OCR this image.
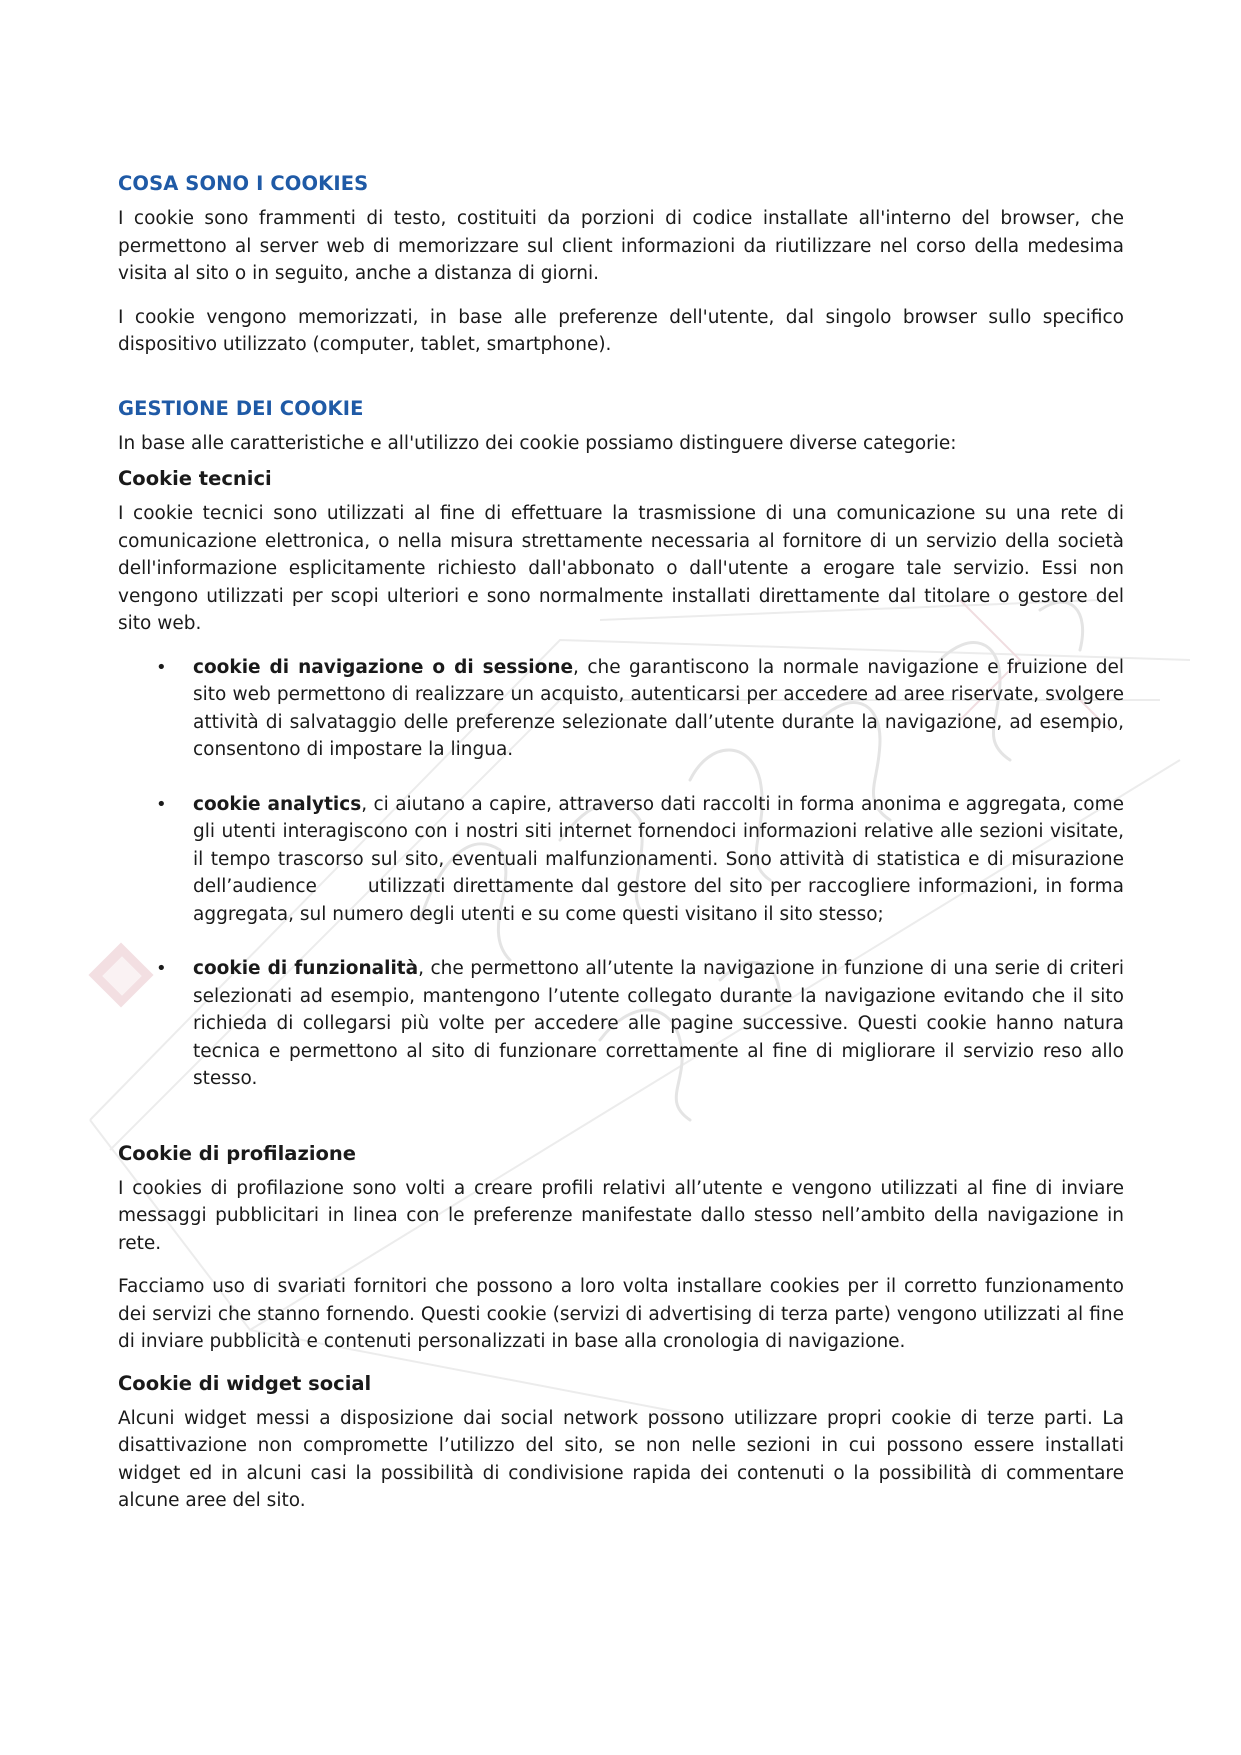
COSA SONO I COOKIES

I cookie sono frammenti di testo, costituiti da porzioni di codice installate all'interno del browser, che permettono al server web di memorizzare sul client informazioni da riutilizzare nel corso della medesima visita al sito o in seguito, anche a distanza di giorni.

I cookie vengono memorizzati, in base alle preferenze dell'utente, dal singolo browser sullo specifico dispositivo utilizzato (computer, tablet, smartphone).

GESTIONE DEI COOKIE

In base alle caratteristiche e all'utilizzo dei cookie possiamo distinguere diverse categorie:

Cookie tecnici

I cookie tecnici sono utilizzati al fine di effettuare la trasmissione di una comunicazione su una rete di comunicazione elettronica, o nella misura strettamente necessaria al fornitore di un servizio della società dell'informazione esplicitamente richiesto dall'abbonato o dall'utente a erogare tale servizio. Essi non vengono utilizzati per scopi ulteriori e sono normalmente installati direttamente dal titolare o gestore del sito web.

• cookie di navigazione o di sessione, che garantiscono la normale navigazione e fruizione del sito web permettono di realizzare un acquisto, autenticarsi per accedere ad aree riservate, svolgere attività di salvataggio delle preferenze selezionate dall’utente durante la navigazione, ad esempio, consentono di impostare la lingua.
• cookie analytics, ci aiutano a capire, attraverso dati raccolti in forma anonima e aggregata, come gli utenti interagiscono con i nostri siti internet fornendoci informazioni relative alle sezioni visitate, il tempo trascorso sul sito, eventuali malfunzionamenti. Sono attività di statistica e di misurazione dell’audience       utilizzati direttamente dal gestore del sito per raccogliere informazioni, in forma aggregata, sul numero degli utenti e su come questi visitano il sito stesso;
• cookie di funzionalità, che permettono all’utente la navigazione in funzione di una serie di criteri selezionati ad esempio, mantengono l’utente collegato durante la navigazione evitando che il sito richieda di collegarsi più volte per accedere alle pagine successive. Questi cookie hanno natura tecnica e permettono al sito di funzionare correttamente al fine di migliorare il servizio reso allo stesso.
Cookie di profilazione

I cookies di profilazione sono volti a creare profili relativi all’utente e vengono utilizzati al fine di inviare messaggi pubblicitari in linea con le preferenze manifestate dallo stesso nell’ambito della navigazione in rete.

Facciamo uso di svariati fornitori che possono a loro volta installare cookies per il corretto funzionamento dei servizi che stanno fornendo. Questi cookie (servizi di advertising di terza parte) vengono utilizzati al fine di inviare pubblicità e contenuti personalizzati in base alla cronologia di navigazione.

Cookie di widget social

Alcuni widget messi a disposizione dai social network possono utilizzare propri cookie di terze parti. La disattivazione non compromette l’utilizzo del sito, se non nelle sezioni in cui possono essere installati widget ed in alcuni casi la possibilità di condivisione rapida dei contenuti o la possibilità di commentare alcune aree del sito.
